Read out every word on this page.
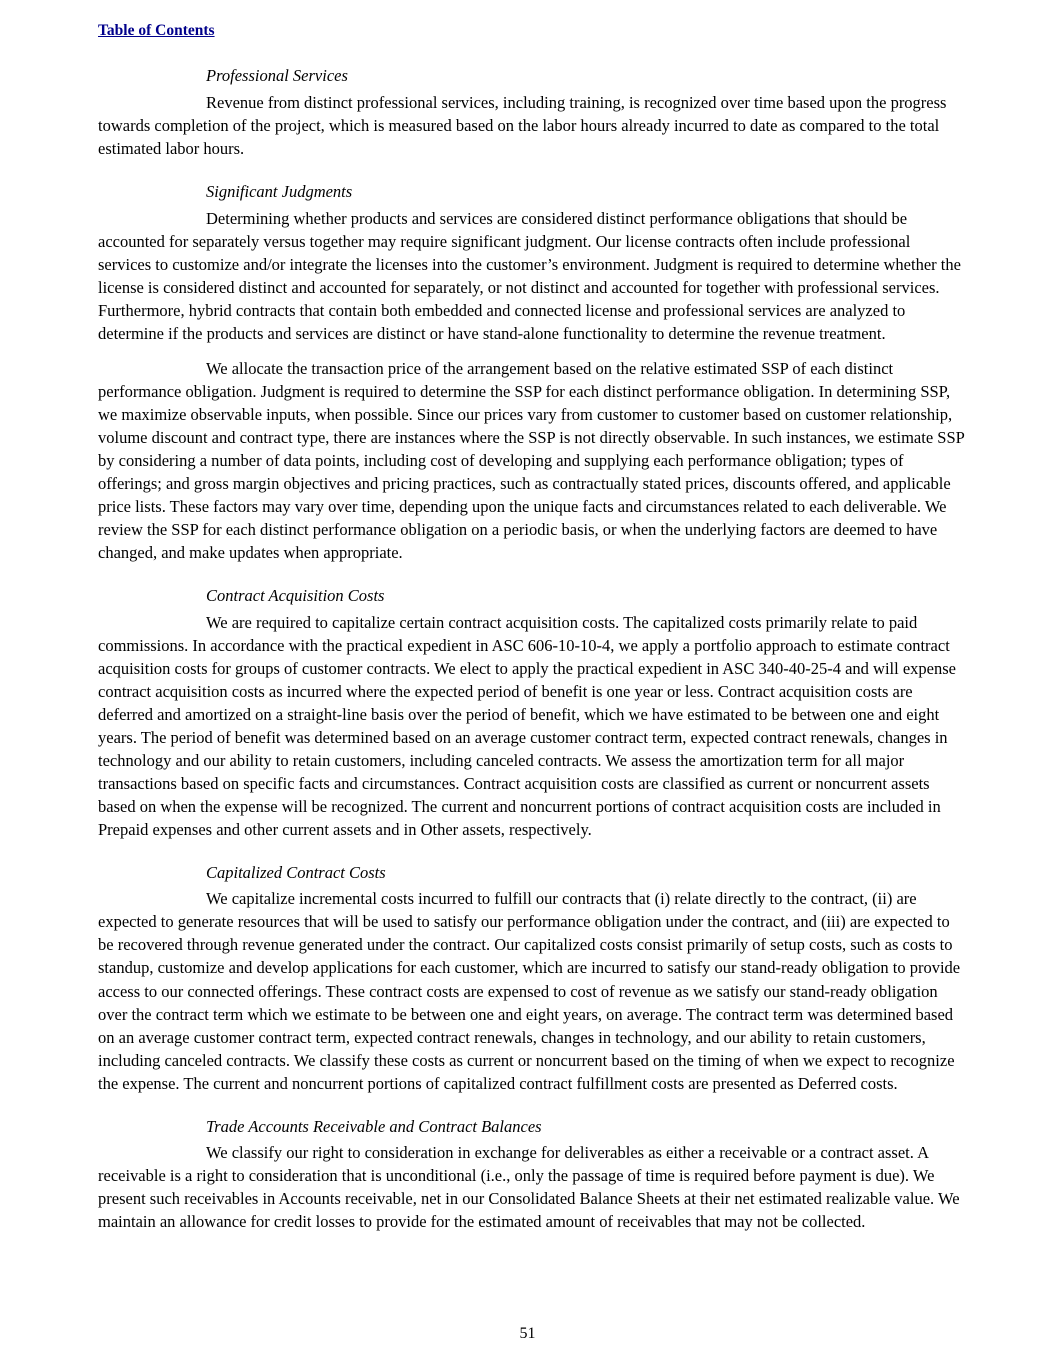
Table of Contents
Professional Services

Revenue from distinct professional services, including training, is recognized over time based upon the progress towards completion of the project, which is measured based on the labor hours already incurred to date as compared to the total estimated labor hours.

Significant Judgments

Determining whether products and services are considered distinct performance obligations that should be accounted for separately versus together may require significant judgment. Our license contracts often include professional services to customize and/or integrate the licenses into the customer’s environment. Judgment is required to determine whether the license is considered distinct and accounted for separately, or not distinct and accounted for together with professional services. Furthermore, hybrid contracts that contain both embedded and connected license and professional services are analyzed to determine if the products and services are distinct or have stand-alone functionality to determine the revenue treatment.

We allocate the transaction price of the arrangement based on the relative estimated SSP of each distinct performance obligation. Judgment is required to determine the SSP for each distinct performance obligation. In determining SSP, we maximize observable inputs, when possible. Since our prices vary from customer to customer based on customer relationship, volume discount and contract type, there are instances where the SSP is not directly observable. In such instances, we estimate SSP by considering a number of data points, including cost of developing and supplying each performance obligation; types of offerings; and gross margin objectives and pricing practices, such as contractually stated prices, discounts offered, and applicable price lists. These factors may vary over time, depending upon the unique facts and circumstances related to each deliverable. We review the SSP for each distinct performance obligation on a periodic basis, or when the underlying factors are deemed to have changed, and make updates when appropriate.

Contract Acquisition Costs

We are required to capitalize certain contract acquisition costs. The capitalized costs primarily relate to paid commissions. In accordance with the practical expedient in ASC 606-10-10-4, we apply a portfolio approach to estimate contract acquisition costs for groups of customer contracts. We elect to apply the practical expedient in ASC 340-40-25-4 and will expense contract acquisition costs as incurred where the expected period of benefit is one year or less. Contract acquisition costs are deferred and amortized on a straight-line basis over the period of benefit, which we have estimated to be between one and eight years. The period of benefit was determined based on an average customer contract term, expected contract renewals, changes in technology and our ability to retain customers, including canceled contracts. We assess the amortization term for all major transactions based on specific facts and circumstances. Contract acquisition costs are classified as current or noncurrent assets based on when the expense will be recognized. The current and noncurrent portions of contract acquisition costs are included in Prepaid expenses and other current assets and in Other assets, respectively.

Capitalized Contract Costs

We capitalize incremental costs incurred to fulfill our contracts that (i) relate directly to the contract, (ii) are expected to generate resources that will be used to satisfy our performance obligation under the contract, and (iii) are expected to be recovered through revenue generated under the contract. Our capitalized costs consist primarily of setup costs, such as costs to standup, customize and develop applications for each customer, which are incurred to satisfy our stand-ready obligation to provide access to our connected offerings. These contract costs are expensed to cost of revenue as we satisfy our stand-ready obligation over the contract term which we estimate to be between one and eight years, on average. The contract term was determined based on an average customer contract term, expected contract renewals, changes in technology, and our ability to retain customers, including canceled contracts. We classify these costs as current or noncurrent based on the timing of when we expect to recognize the expense. The current and noncurrent portions of capitalized contract fulfillment costs are presented as Deferred costs.

Trade Accounts Receivable and Contract Balances

We classify our right to consideration in exchange for deliverables as either a receivable or a contract asset. A receivable is a right to consideration that is unconditional (i.e., only the passage of time is required before payment is due). We present such receivables in Accounts receivable, net in our Consolidated Balance Sheets at their net estimated realizable value. We maintain an allowance for credit losses to provide for the estimated amount of receivables that may not be collected.

51
